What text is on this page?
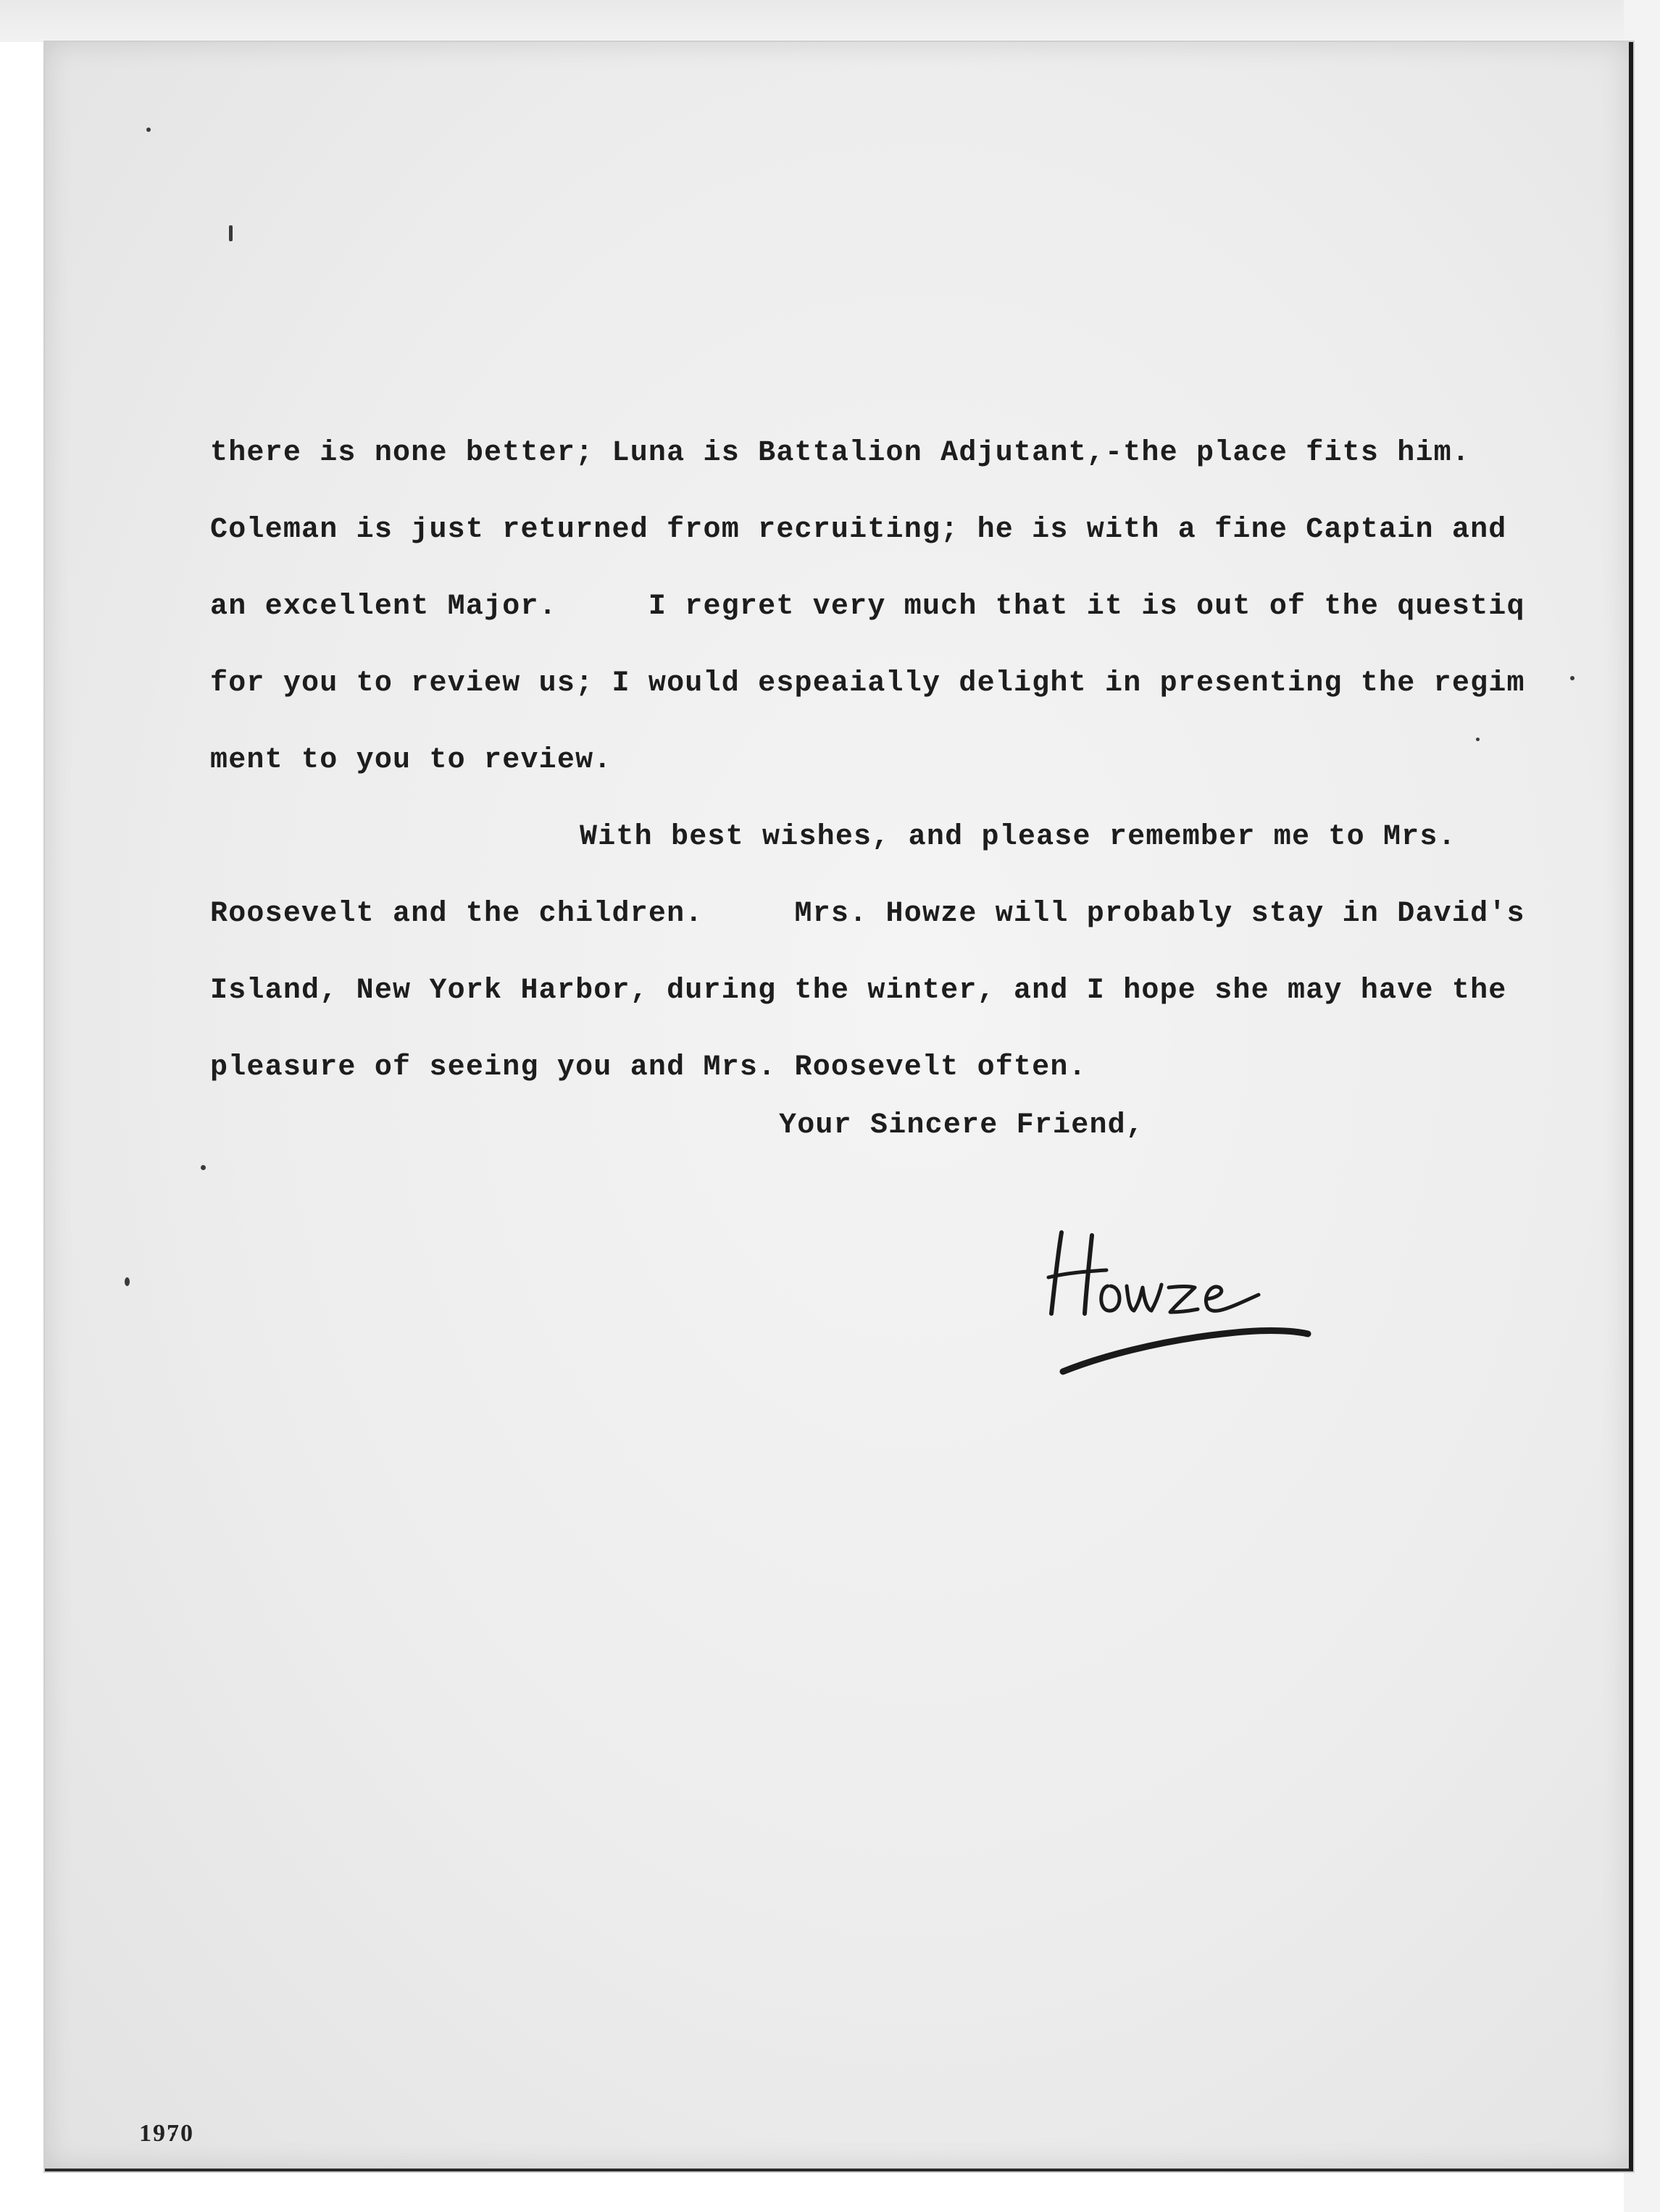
there is none better; Luna is Battalion Adjutant,-the place fits him.
Coleman is just returned from recruiting; he is with a fine Captain and
an excellent Major.     I regret very much that it is out of the questiq
for you to review us; I would espeaially delight in presenting the regim
ment to you to review.
With best wishes, and please remember me to Mrs.
Roosevelt and the children.     Mrs. Howze will probably stay in David's
Island, New York Harbor, during the winter, and I hope she may have the
pleasure of seeing you and Mrs. Roosevelt often.
Your Sincere Friend,
1970
